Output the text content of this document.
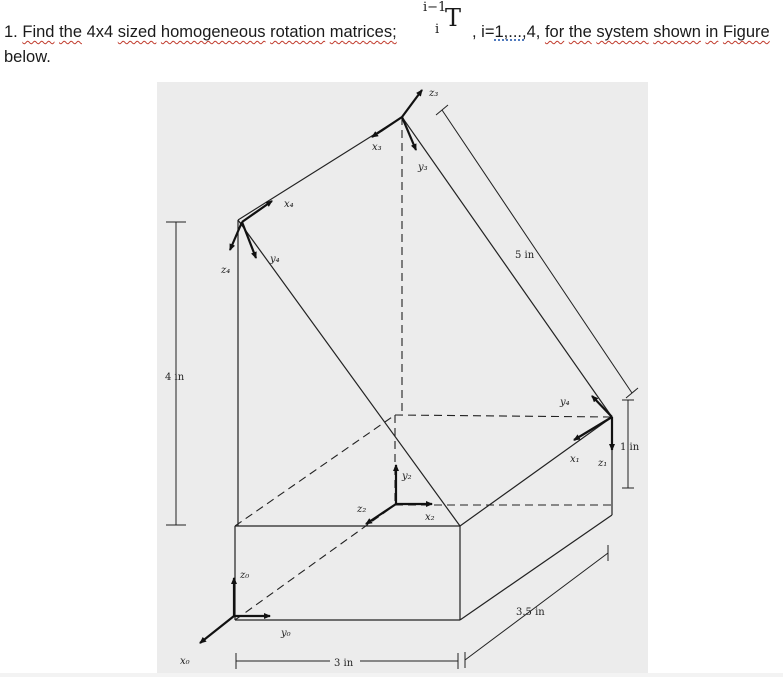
1. Find the 4x4 sized homogeneous rotation matrices;
i−1
T
i , i=1,...,4, for the system shown in Figure
below.
4 in
5 in
1 in
3.5 in
3 in
z₀
y₀
x₀
z₂
y₂
x₂
z₃
x₃
y₃
z₄
x₄
y₄
y₄
x₁ z₁
